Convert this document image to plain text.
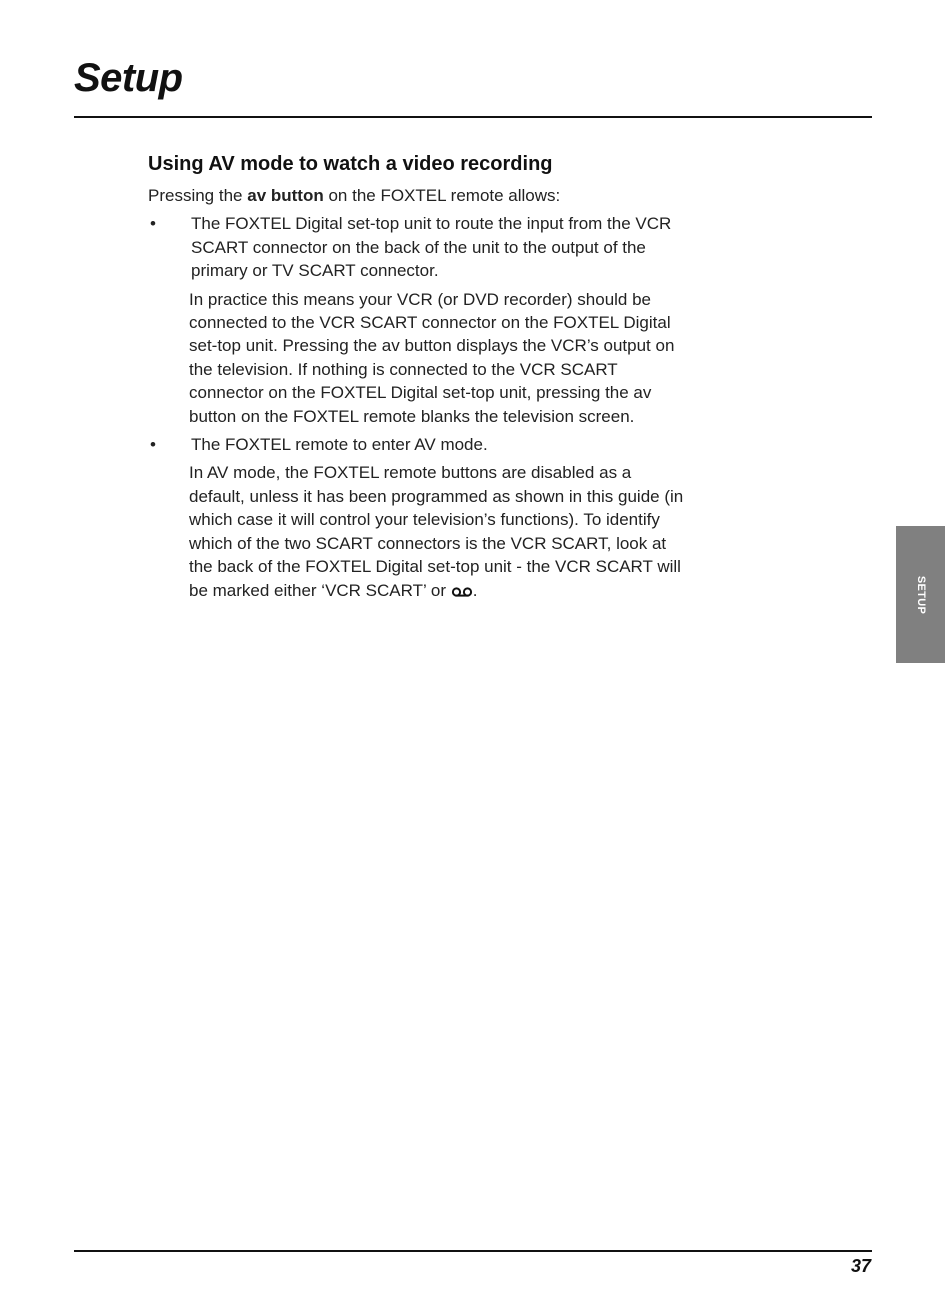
Setup
Using AV mode to watch a video recording

Pressing the av button on the FOXTEL remote allows:

•	The FOXTEL Digital set-top unit to route the input from the VCR SCART connector on the back of the unit to the output of the primary or TV SCART connector.

In practice this means your VCR (or DVD recorder) should be connected to the VCR SCART connector on the FOXTEL Digital set-top unit. Pressing the av button displays the VCR’s output on the television. If nothing is connected to the VCR SCART connector on the FOXTEL Digital set-top unit, pressing the av button on the FOXTEL remote blanks the television screen.

•	The FOXTEL remote to enter AV mode.

In AV mode, the FOXTEL remote buttons are disabled as a default, unless it has been programmed as shown in this guide (in which case it will control your television’s functions). To identify which of the two SCART connectors is the VCR SCART, look at the back of the FOXTEL Digital set-top unit - the VCR SCART will be marked either ‘VCR SCART’ or .	SETUP
37
